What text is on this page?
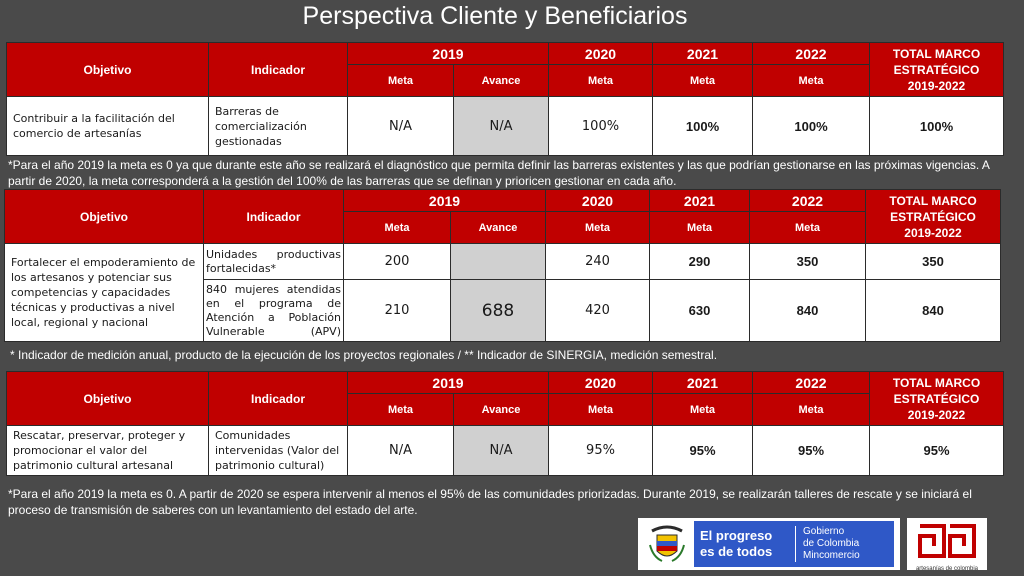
Perspectiva Cliente y Beneficiarios
Objetivo	Indicador	2019		2020	2021	2022	TOTAL MARCO
ESTRATÉGICO
2019-2022
		Meta	Avance	Meta	Meta	Meta	
Contribuir a la facilitación del comercio de artesanías	Barreras de comercialización gestionadas	N/A	N/A	100%	100%	100%	100%
*Para el año 2019 la meta es 0 ya que durante este año se realizará el diagnóstico que permita definir las barreras existentes y las que podrían gestionarse en las próximas vigencias. A partir de 2020, la meta corresponderá a la gestión del 100% de las barreras que se definan y prioricen gestionar en cada año.
Objetivo	Indicador	2019		2020	2021	2022	TOTAL MARCO
ESTRATÉGICO
2019-2022
		Meta	Avance	Meta	Meta	Meta	
Fortalecer el empoderamiento de los artesanos y potenciar sus competencias y capacidades técnicas y productivas a nivel local, regional y nacional	Unidades productivas fortalecidas*	200		240	290	350	350
	840 mujeres atendidas en el programa de Atención a Población Vulnerable (APV)	210	688	420	630	840	840
* Indicador de medición anual, producto de la ejecución de los proyectos regionales / ** Indicador de SINERGIA, medición semestral.
Objetivo	Indicador	2019		2020	2021	2022	TOTAL MARCO
ESTRATÉGICO
2019-2022
		Meta	Avance	Meta	Meta	Meta	
Rescatar, preservar, proteger y promocionar el valor del patrimonio cultural artesanal	Comunidades intervenidas (Valor del patrimonio cultural)	N/A	N/A	95%	95%	95%	95%
*Para el año 2019 la meta es 0. A partir de 2020 se espera intervenir al menos el 95% de las comunidades priorizadas. Durante 2019, se realizarán talleres de rescate y se iniciará el proceso de transmisión de saberes con un levantamiento del estado del arte.
El progreso
es de todos
Gobierno
de Colombia
Mincomercio
artesanías de colombia
